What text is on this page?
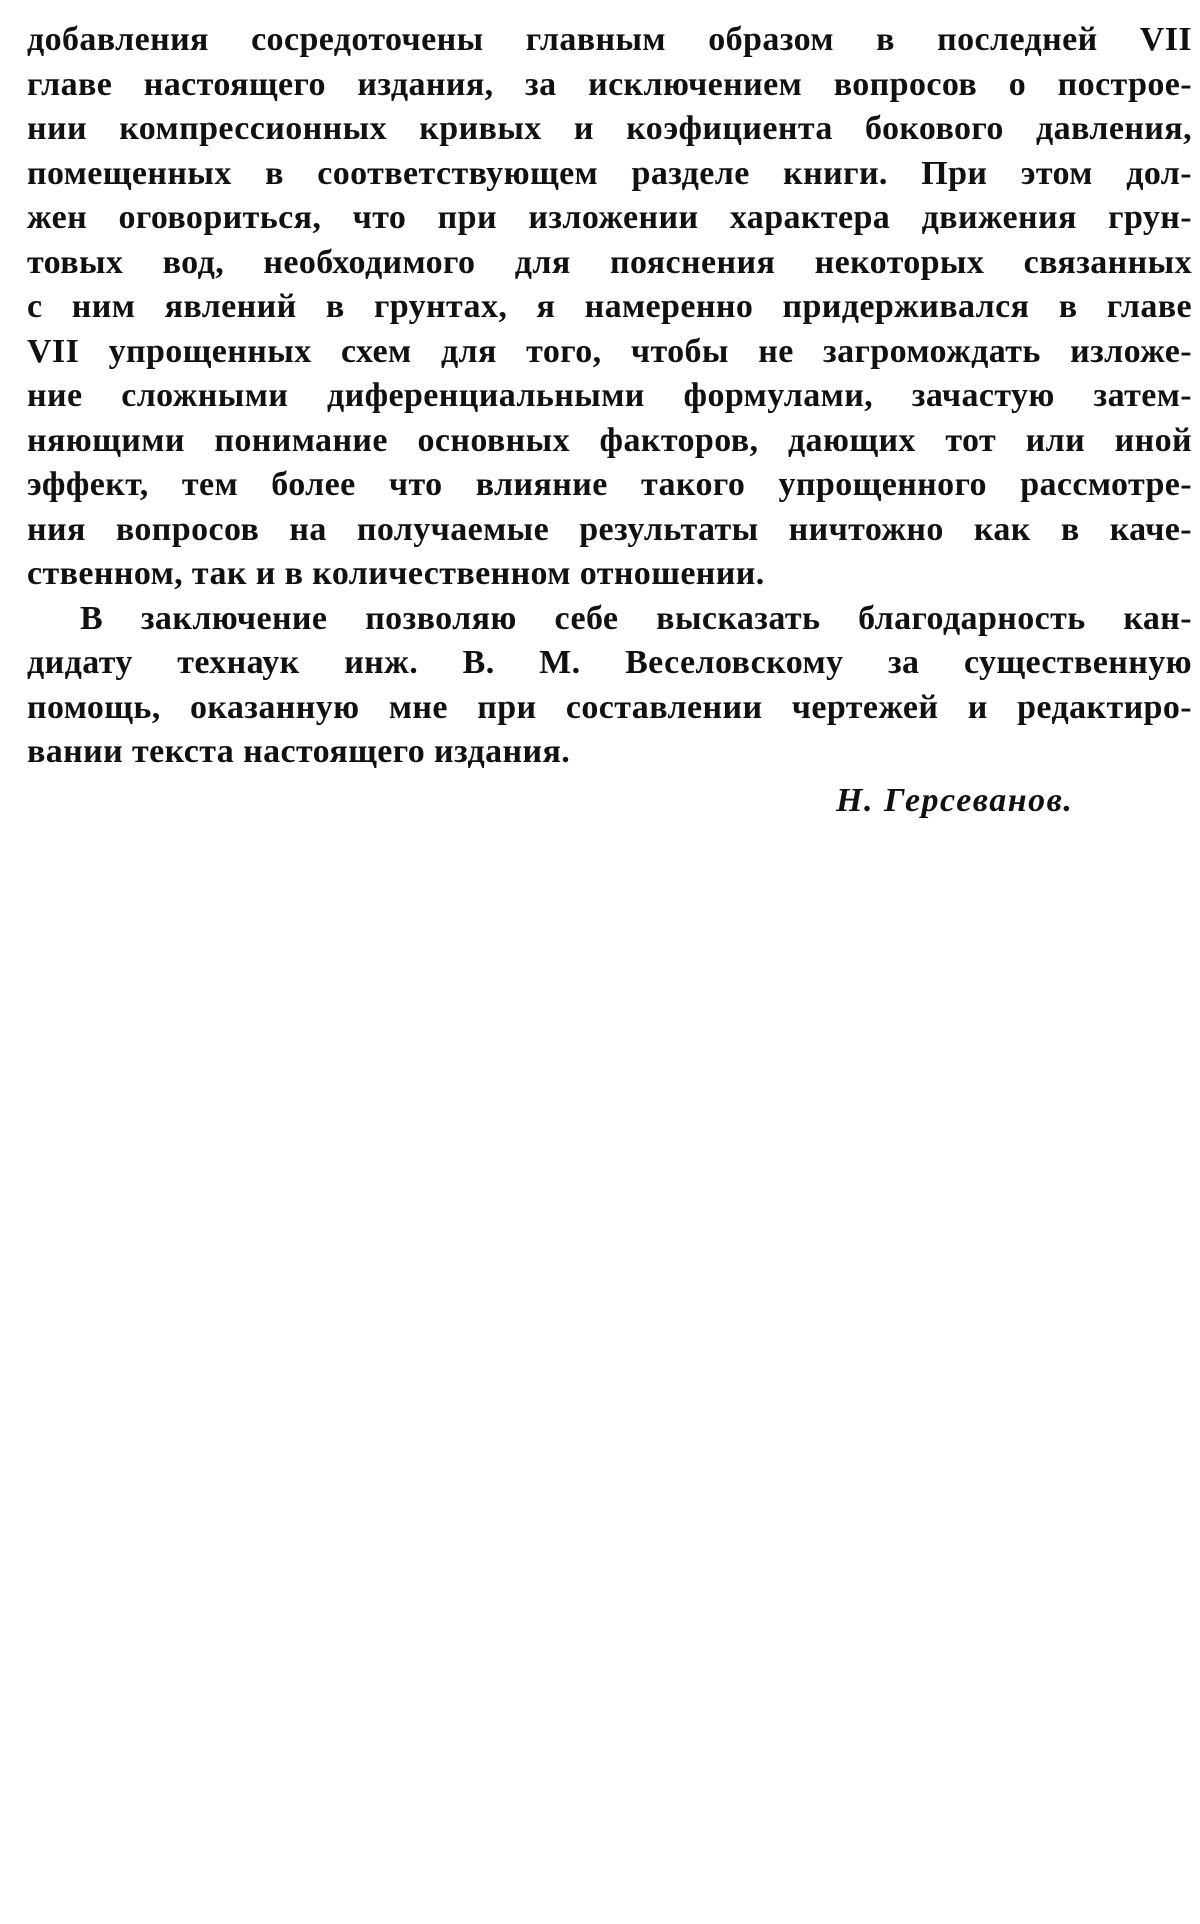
добавления сосредоточены главным образом в последней VII
главе настоящего издания, за исключением вопросов о построе-
нии компрессионных кривых и коэфициента бокового давления,
помещенных в соответствующем разделе книги. При этом дол-
жен оговориться, что при изложении характера движения грун-
товых вод, необходимого для пояснения некоторых связанных
с ним явлений в грунтах, я намеренно придерживался в главе
VII упрощенных схем для того, чтобы не загромождать изложе-
ние сложными диференциальными формулами, зачастую затем-
няющими понимание основных факторов, дающих тот или иной
эффект, тем более что влияние такого упрощенного рассмотре-
ния вопросов на получаемые результаты ничтожно как в каче-
ственном, так и в количественном отношении.
В заключение позволяю себе высказать благодарность кан-
дидату технаук инж. В. М. Веселовскому за существенную
помощь, оказанную мне при составлении чертежей и редактиро-
вании текста настоящего издания.
Н. Герсеванов.
